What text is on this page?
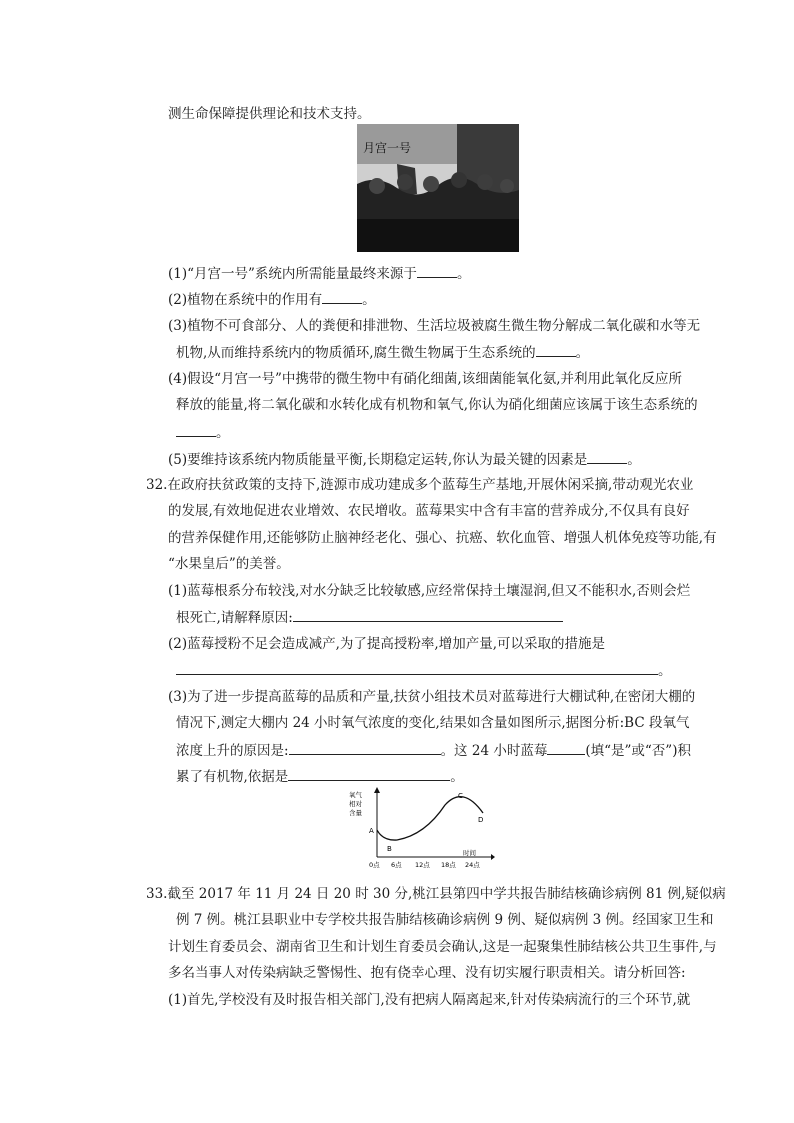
测生命保障提供理论和技术支持。
月宫一号
(1)“月宫一号”系统内所需能量最终来源于	。
(2)植物在系统中的作用有	。
(3)植物不可食部分、人的粪便和排泄物、生活垃圾被腐生微生物分解成二氧化碳和水等无
机物,从而维持系统内的物质循环,腐生微生物属于生态系统的	。
(4)假设“月宫一号”中携带的微生物中有硝化细菌,该细菌能氧化氨,并利用此氧化反应所
释放的能量,将二氧化碳和水转化成有机物和氧气,你认为硝化细菌应该属于该生态系统的
。
(5)要维持该系统内物质能量平衡,长期稳定运转,你认为最关键的因素是	。
32.在政府扶贫政策的支持下,涟源市成功建成多个蓝莓生产基地,开展休闲采摘,带动观光农业
的发展,有效地促进农业增效、农民增收。蓝莓果实中含有丰富的营养成分,不仅具有良好
的营养保健作用,还能够防止脑神经老化、强心、抗癌、软化血管、增强人机体免疫等功能,有
“水果皇后”的美誉。
(1)蓝莓根系分布较浅,对水分缺乏比较敏感,应经常保持土壤湿润,但又不能积水,否则会烂
根死亡,请解释原因:
(2)蓝莓授粉不足会造成减产,为了提高授粉率,增加产量,可以采取的措施是
。
(3)为了进一步提高蓝莓的品质和产量,扶贫小组技术员对蓝莓进行大棚试种,在密闭大棚的
情况下,测定大棚内 24 小时氧气浓度的变化,结果如含量如图所示,据图分析:BC 段氧气
浓度上升的原因是:	。这 24 小时蓝莓	(填“是”或“否”)积
累了有机物,依据是	。
氧气
相对
含量
时间
A
B
C
D
0点 6点 12点 18点 24点
33.截至 2017 年 11 月 24 日 20 时 30 分,桃江县第四中学共报告肺结核确诊病例 81 例,疑似病
例 7 例。桃江县职业中专学校共报告肺结核确诊病例 9 例、疑似病例 3 例。经国家卫生和
计划生育委员会、湖南省卫生和计划生育委员会确认,这是一起聚集性肺结核公共卫生事件,与
多名当事人对传染病缺乏警惕性、抱有侥幸心理、没有切实履行职责相关。请分析回答:
(1)首先,学校没有及时报告相关部门,没有把病人隔离起来,针对传染病流行的三个环节,就
